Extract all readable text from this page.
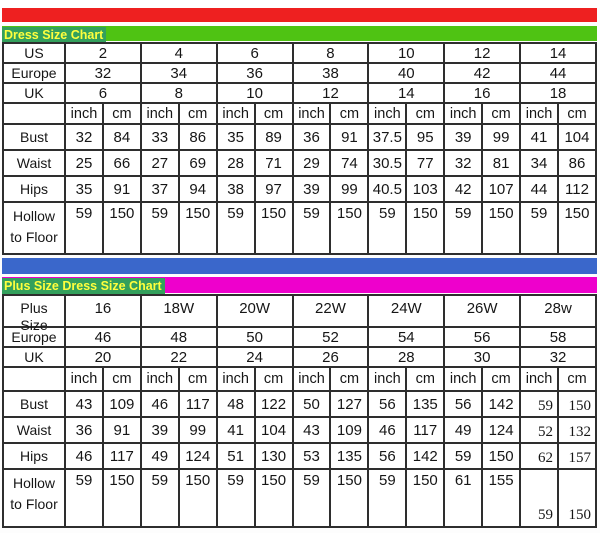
Dress Size Chart
US	2		4		6		8		10		12		14	

Europe	32		34		36		38		40		42		44	

UK	6		8		10		12		14		16		18	
	inch	cm	inch	cm	inch	cm	inch	cm	inch	cm	inch	cm	inch	cm

Bust	32	84	33	86	35	89	36	91	37.5	95	39	99	41	104

Waist	25	66	27	69	28	71	29	74	30.5	77	32	81	34	86

Hips	35	91	37	94	38	97	39	99	40.5	103	42	107	44	112

Hollow
to Floor	59	150	59	150	59	150	59	150	59	150	59	150	59	150
Plus Size Dress Size Chart
Plus
Size	16		18W		20W		22W		24W		26W		28w	

Europe	46		48		50		52		54		56		58	

UK	20		22		24		26		28		30		32	
	inch	cm	inch	cm	inch	cm	inch	cm	inch	cm	inch	cm	inch	cm

Bust	43	109	46	117	48	122	50	127	56	135	56	142	59	150

Waist	36	91	39	99	41	104	43	109	46	117	49	124	52	132

Hips	46	117	49	124	51	130	53	135	56	142	59	150	62	157

Hollow
to Floor	59	150	59	150	59	150	59	150	59	150	61	155	59	150
